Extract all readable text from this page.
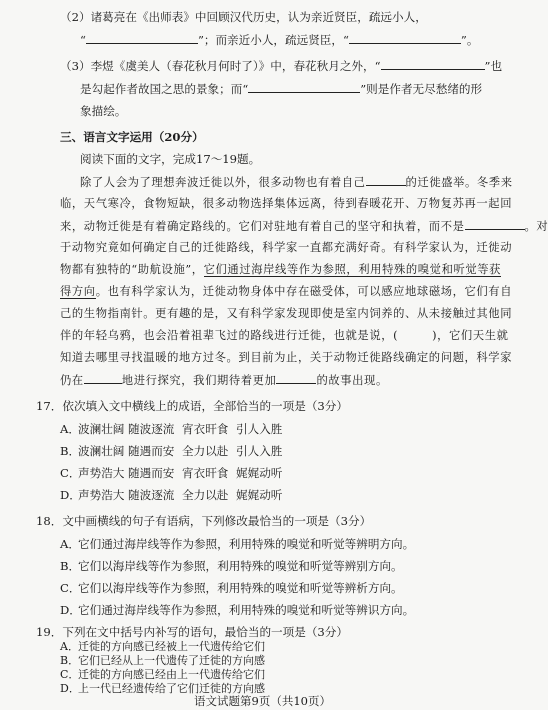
（2）诸葛亮在《出师表》中回顾汉代历史，认为亲近贤臣，疏远小人，
“	”；而亲近小人，疏远贤臣，“	”。
（3）李煜《虞美人（春花秋月何时了）》中，春花秋月之外，“	”也
是勾起作者故国之思的景象；而“	”则是作者无尽愁绪的形
象描绘。
三、语言文字运用（20分）
阅读下面的文字，完成17～19题。
除了人会为了理想奔波迁徙以外，很多动物也有着自己	的迁徙盛举。冬季来
临，天气寒冷，食物短缺，很多动物选择集体远离，待到春暖花开、万物复苏再一起回
来，动物迁徙是有着确定路线的。它们对驻地有着自己的坚守和执着，而不是	。对
于动物究竟如何确定自己的迁徙路线，科学家一直都充满好奇。有科学家认为，迁徙动
物都有独特的“助航设施”，它们通过海岸线等作为参照，利用特殊的嗅觉和听觉等获
得方向。也有科学家认为，迁徙动物身体中存在磁受体，可以感应地球磁场，它们有自
己的生物指南针。更有趣的是，又有科学家发现即使是室内饲养的、从未接触过其他同
伴的年轻乌鸦，也会沿着祖辈飞过的路线进行迁徙，也就是说，(	)，它们天生就
知道去哪里寻找温暖的地方过冬。到目前为止，关于动物迁徙路线确定的问题，科学家
仍在	地进行探究，我们期待着更加	的故事出现。
17．依次填入文中横线上的成语，全部恰当的一项是（3分）
A．波澜壮阔 随波逐流 宵衣旰食 引人入胜
B．波澜壮阔 随遇而安 全力以赴 引人入胜
C．声势浩大 随遇而安 宵衣旰食 娓娓动听
D．声势浩大 随波逐流 全力以赴 娓娓动听
18．文中画横线的句子有语病，下列修改最恰当的一项是（3分）
A．它们通过海岸线等作为参照，利用特殊的嗅觉和听觉等辨明方向。
B．它们以海岸线等作为参照，利用特殊的嗅觉和听觉等辨别方向。
C．它们以海岸线等作为参照，利用特殊的嗅觉和听觉等辨析方向。
D．它们通过海岸线等作为参照，利用特殊的嗅觉和听觉等辨识方向。
19．下列在文中括号内补写的语句，最恰当的一项是（3分）
A．迁徙的方向感已经被上一代遗传给它们
B．它们已经从上一代遗传了迁徙的方向感
C．迁徙的方向感已经由上一代遗传给它们
D．上一代已经遗传给了它们迁徙的方向感
语文试题第9页（共10页）
